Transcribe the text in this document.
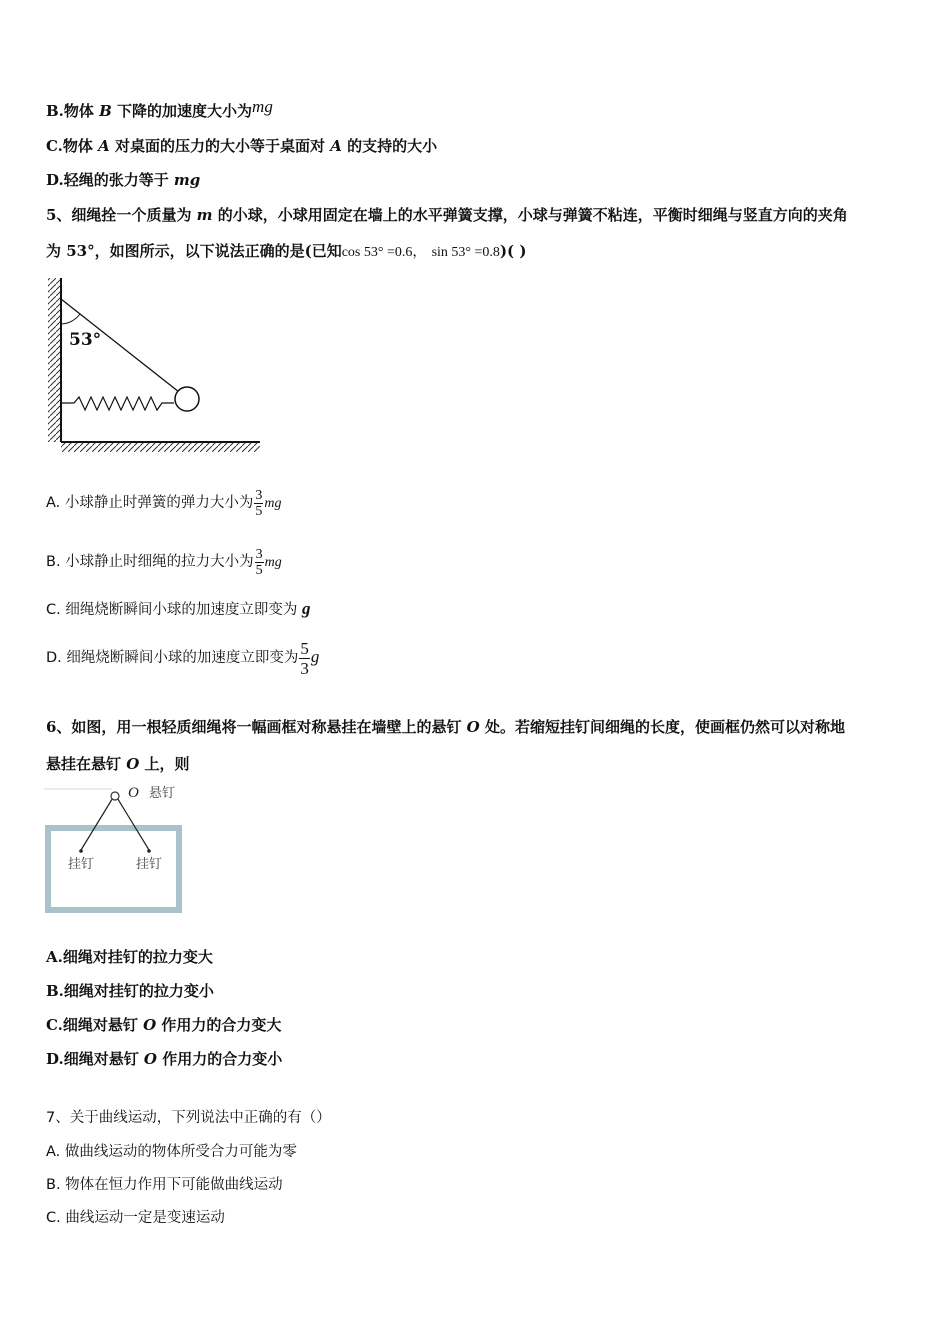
B.物体 B 下降的加速度大小为mg
C.物体 A 对桌面的压力的大小等于桌面对 A 的支持的大小
D.轻绳的张力等于 mg
5、细绳拴一个质量为 m 的小球，小球用固定在墙上的水平弹簧支撑，小球与弹簧不粘连，平衡时细绳与竖直方向的夹角
为 53°，如图所示，以下说法正确的是(已知cos 53° =0.6， sin 53° =0.8)( )
53°
A. 小球静止时弹簧的弹力大小为 $\frac{3}{5}$ mg
B. 小球静止时细绳的拉力大小为 $\frac{3}{5}$ mg
C. 细绳烧断瞬间小球的加速度立即变为 g
D. 细绳烧断瞬间小球的加速度立即变为 $\frac{5}{3}$ g
6、如图，用一根轻质细绳将一幅画框对称悬挂在墙壁上的悬钉 O 处。若缩短挂钉间细绳的长度，使画框仍然可以对称地
悬挂在悬钉 O 上，则
O 悬钉
挂钉	挂钉
A.细绳对挂钉的拉力变大
B.细绳对挂钉的拉力变小
C.细绳对悬钉 O 作用力的合力变大
D.细绳对悬钉 O 作用力的合力变小
7、关于曲线运动，下列说法中正确的有（）
A. 做曲线运动的物体所受合力可能为零
B. 物体在恒力作用下可能做曲线运动
C. 曲线运动一定是变速运动
